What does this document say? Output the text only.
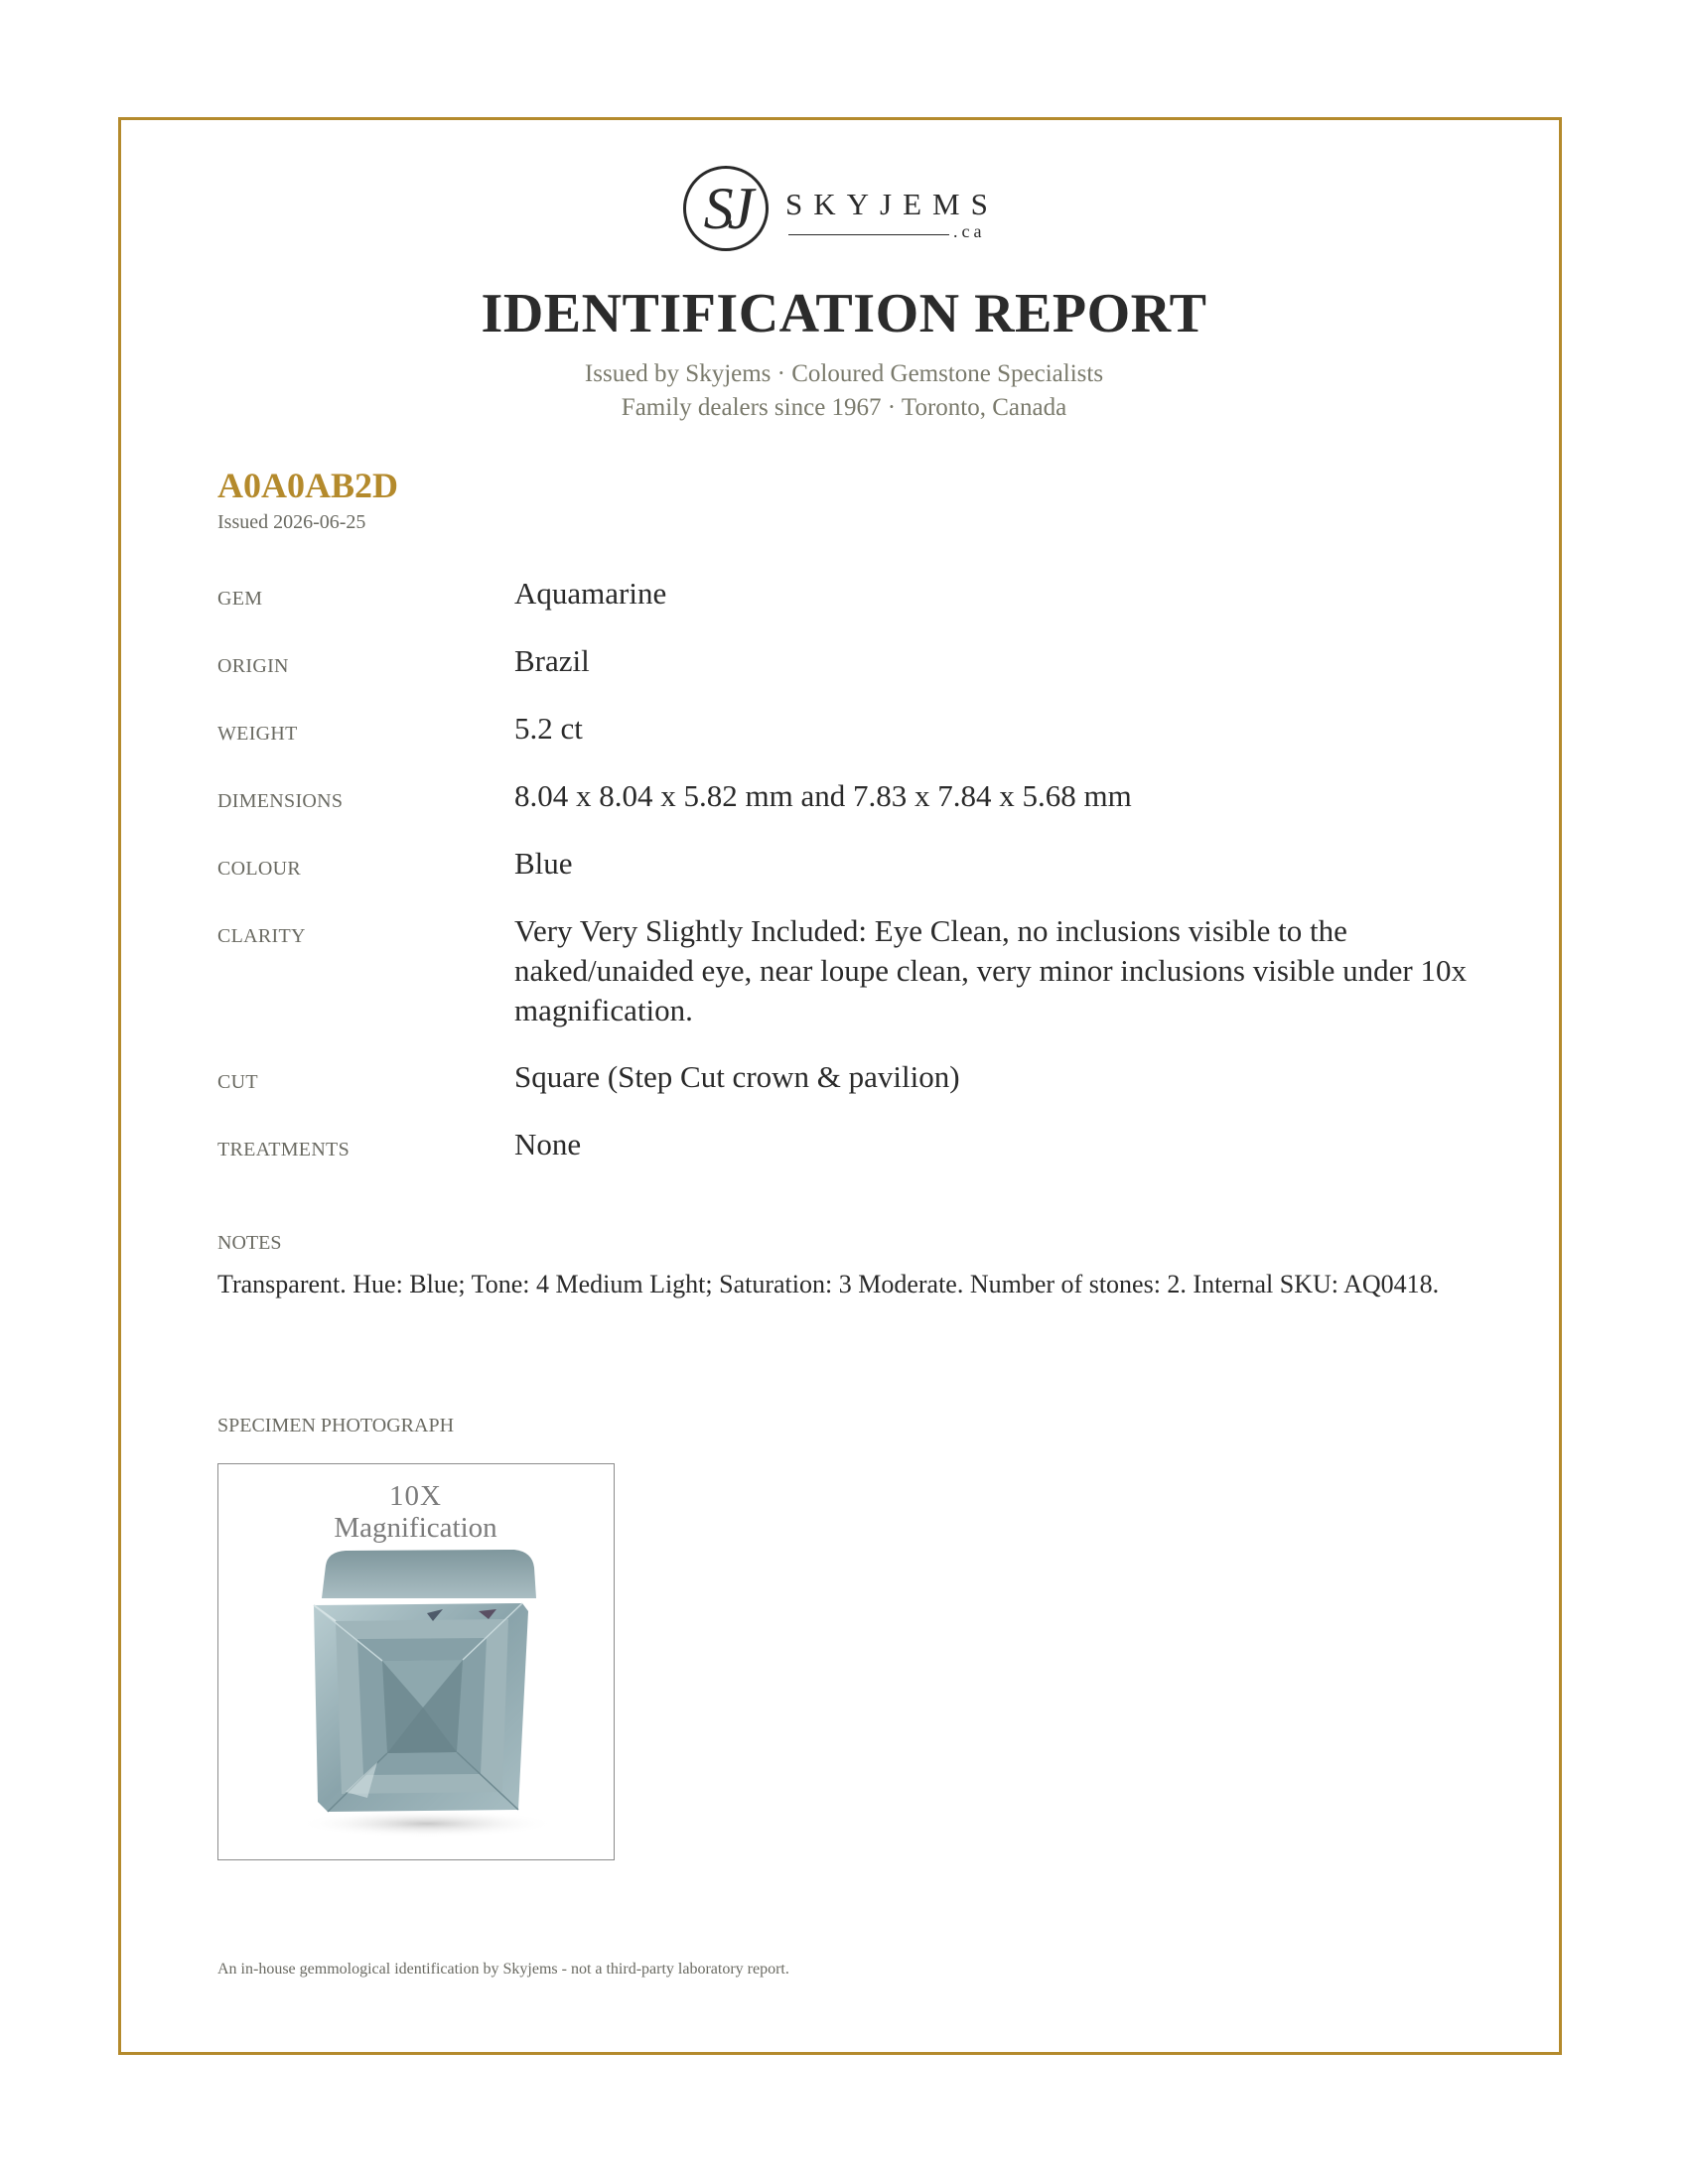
SJ	SKYJEMS
.ca
IDENTIFICATION REPORT
Issued by Skyjems · Coloured Gemstone Specialists
Family dealers since 1967 · Toronto, Canada
A0A0AB2D
Issued 2026-06-25
GEM	Aquamarine
ORIGIN	Brazil
WEIGHT	5.2 ct
DIMENSIONS	8.04 x 8.04 x 5.82 mm and 7.83 x 7.84 x 5.68 mm
COLOUR	Blue
CLARITY	Very Very Slightly Included: Eye Clean, no inclusions visible to the naked/unaided eye, near loupe clean, very minor inclusions visible under 10x magnification.
CUT	Square (Step Cut crown & pavilion)
TREATMENTS	None
NOTES
Transparent. Hue: Blue; Tone: 4 Medium Light; Saturation: 3 Moderate. Number of stones: 2. Internal SKU: AQ0418.
SPECIMEN PHOTOGRAPH
10X
Magnification
An in-house gemmological identification by Skyjems - not a third-party laboratory report.
